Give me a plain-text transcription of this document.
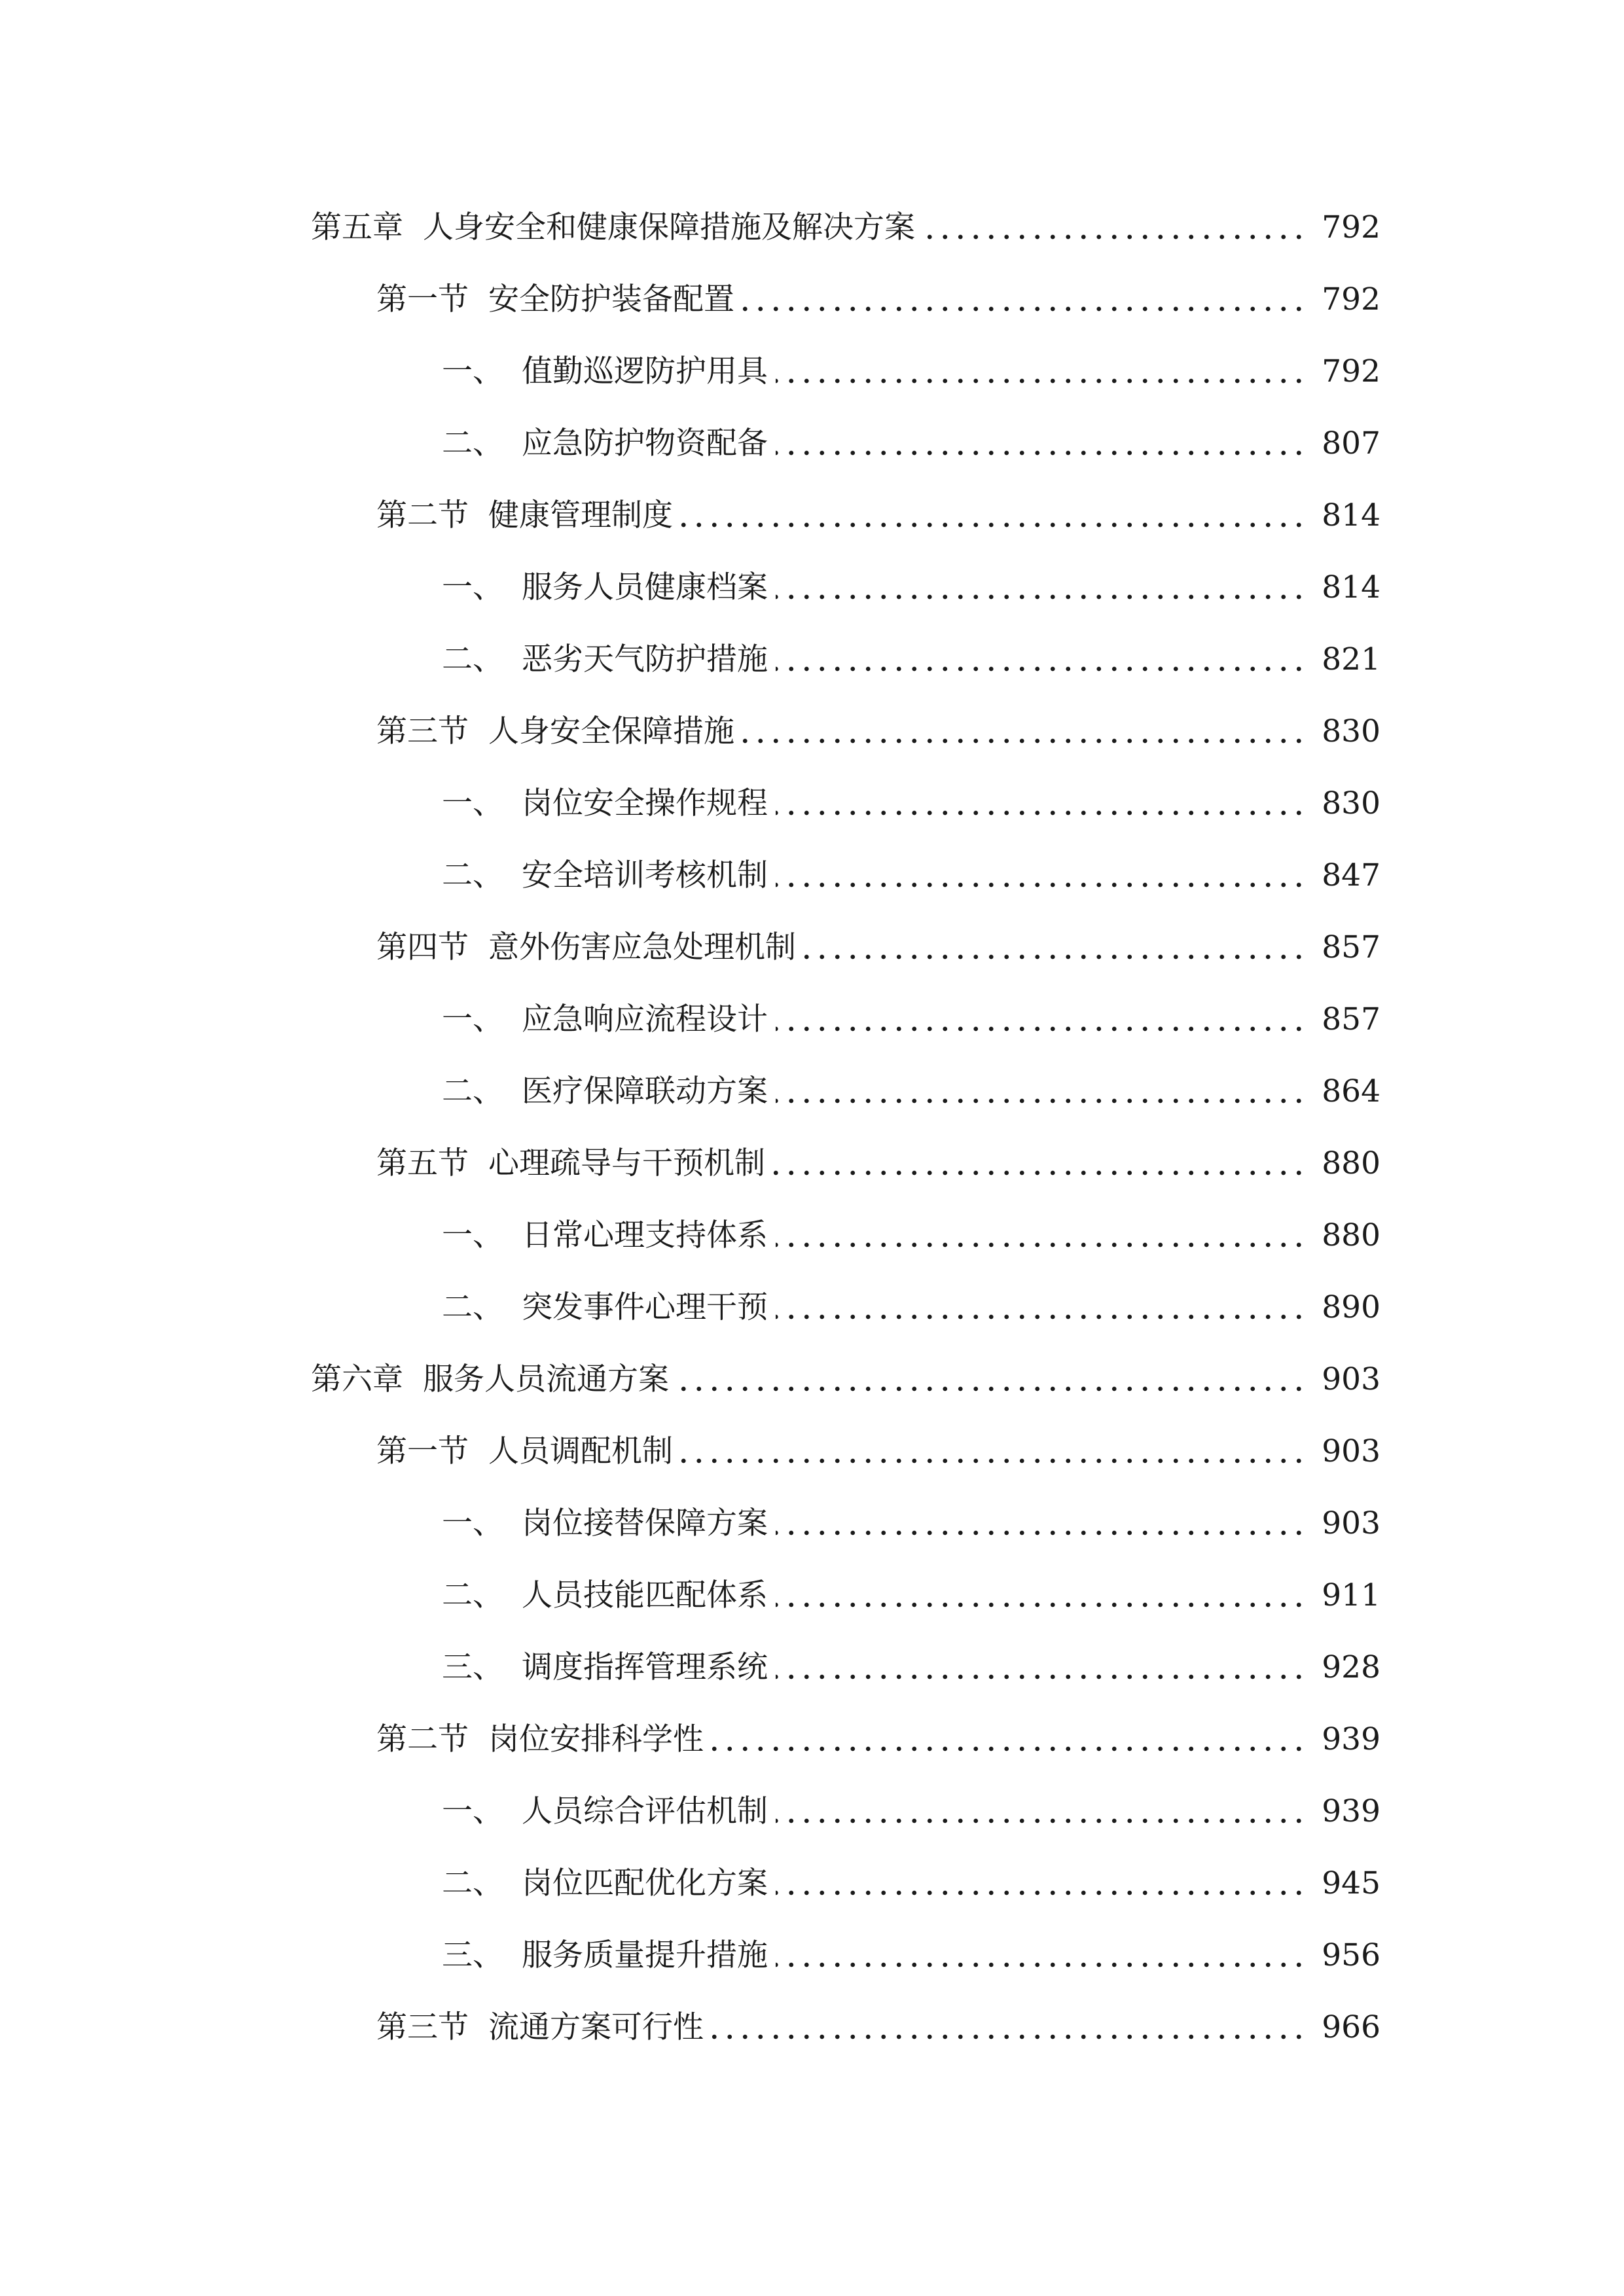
第五章 人身安全和健康保障措施及解决方案	792
第一节 安全防护装备配置	792
一、 值勤巡逻防护用具	792
二、 应急防护物资配备	807
第二节 健康管理制度	814
一、 服务人员健康档案	814
二、 恶劣天气防护措施	821
第三节 人身安全保障措施	830
一、 岗位安全操作规程	830
二、 安全培训考核机制	847
第四节 意外伤害应急处理机制	857
一、 应急响应流程设计	857
二、 医疗保障联动方案	864
第五节 心理疏导与干预机制	880
一、 日常心理支持体系	880
二、 突发事件心理干预	890
第六章 服务人员流通方案	903
第一节 人员调配机制	903
一、 岗位接替保障方案	903
二、 人员技能匹配体系	911
三、 调度指挥管理系统	928
第二节 岗位安排科学性	939
一、 人员综合评估机制	939
二、 岗位匹配优化方案	945
三、 服务质量提升措施	956
第三节 流通方案可行性	966
